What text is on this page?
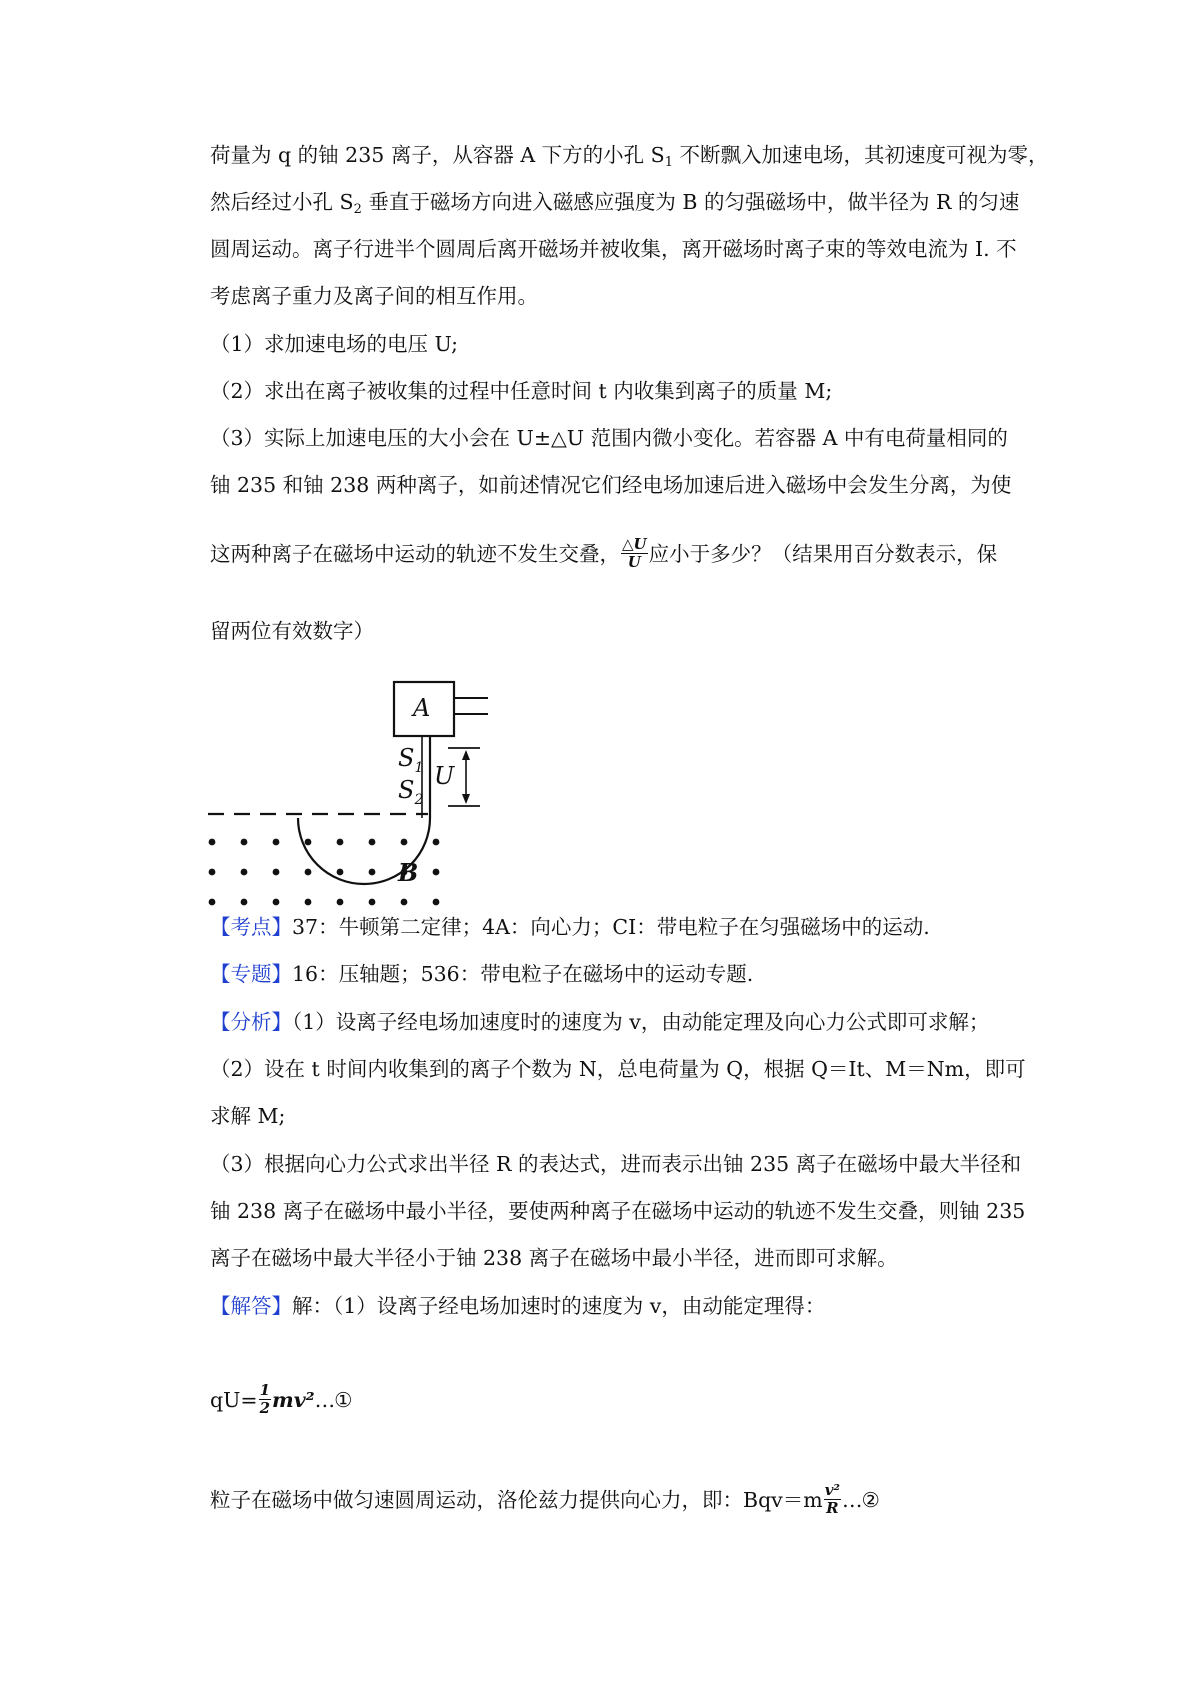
荷量为 q 的铀 235 离子，从容器 A 下方的小孔 $S_1$ 不断飘入加速电场，其初速度可视为零，
然后经过小孔 $S_2$ 垂直于磁场方向进入磁感应强度为 B 的匀强磁场中，做半径为 R 的匀速
圆周运动。离子行进半个圆周后离开磁场并被收集，离开磁场时离子束的等效电流为 I. 不
考虑离子重力及离子间的相互作用。
（1）求加速电场的电压 U;
（2）求出在离子被收集的过程中任意时间 t 内收集到离子的质量 M;
（3）实际上加速电压的大小会在 U±△U 范围内微小变化。若容器 A 中有电荷量相同的
铀 235 和铀 238 两种离子，如前述情况它们经电场加速后进入磁场中会发生分离，为使
这两种离子在磁场中运动的轨迹不发生交叠， $\frac{\triangle U}{U}$ 应小于多少？（结果用百分数表示，保
留两位有效数字）
A
$S_1$
$S_2$
U
B
【考点】37：牛顿第二定律；4A：向心力；CI：带电粒子在匀强磁场中的运动.
【专题】16：压轴题；536：带电粒子在磁场中的运动专题.
【分析】（1）设离子经电场加速度时的速度为 v，由动能定理及向心力公式即可求解；
（2）设在 t 时间内收集到的离子个数为 N，总电荷量为 Q，根据 Q＝It、M＝Nm，即可
求解 M;
（3）根据向心力公式求出半径 R 的表达式，进而表示出铀 235 离子在磁场中最大半径和
铀 238 离子在磁场中最小半径，要使两种离子在磁场中运动的轨迹不发生交叠，则铀 235
离子在磁场中最大半径小于铀 238 离子在磁场中最小半径，进而即可求解。
【解答】解：（1）设离子经电场加速时的速度为 v，由动能定理得：
$qU= \frac{1}{2}$ mv²…①
粒子在磁场中做匀速圆周运动，洛伦兹力提供向心力，即：$Bqv=m \frac{\text{v²}}{R}$ …②
